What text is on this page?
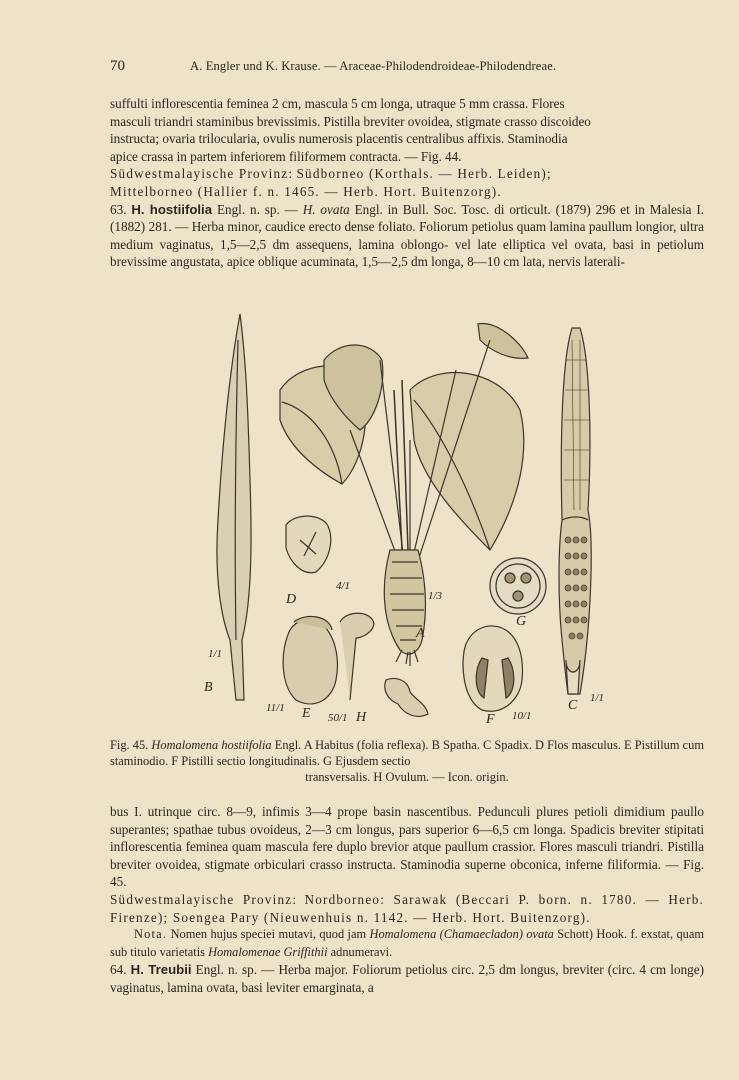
70	A. Engler und K. Krause. — Araceae-Philodendroideae-Philodendreae.

suffulti inflorescentia feminea 2 cm, mascula 5 cm longa, utraque 5 mm crassa. Flores

masculi triandri staminibus brevissimis. Pistilla breviter ovoidea, stigmate crasso discoideo

instructa; ovaria trilocularia, ovulis numerosis placentis centralibus affixis. Staminodia

apice crassa in partem inferiorem filiformem contracta. — Fig. 44.

Südwestmalayische Provinz: Südborneo (Korthals. — Herb. Leiden);

Mittelborneo (Hallier f. n. 1465. — Herb. Hort. Buitenzorg).

63. H. hostiifolia Engl. n. sp. — H. ovata Engl. in Bull. Soc. Tosc. di orticult. (1879) 296 et in Malesia I. (1882) 281. — Herba minor, caudice erecto dense foliato. Foliorum petiolus quam lamina paullum longior, ultra medium vaginatus, 1,5—2,5 dm assequens, lamina oblongo- vel late elliptica vel ovata, basi in petiolum brevissime angustata, apice oblique acuminata, 1,5—2,5 dm longa, 8—10 cm lata, nervis laterali-

B
1/1
D
4/1
1/3
A
G
11/1 E 50/1 H	F 10/1
C 1/1

Fig. 45. Homalomena hostiifolia Engl. A Habitus (folia reflexa). B Spatha. C Spadix. D Flos masculus. E Pistillum cum staminodio. F Pistilli sectio longitudinalis. G Ejusdem sectio

transversalis. H Ovulum. — Icon. origin.

bus I. utrinque circ. 8—9, infimis 3—4 prope basin nascentibus. Pedunculi plures petioli dimidium paullo superantes; spathae tubus ovoideus, 2—3 cm longus, pars superior 6—6,5 cm longa. Spadicis breviter stipitati inflorescentia feminea quam mascula fere duplo brevior atque paullum crassior. Flores masculi triandri. Pistilla breviter ovoidea, stigmate orbiculari crasso instructa. Staminodia superne obconica, inferne filiformia. — Fig. 45.

Südwestmalayische Provinz: Nordborneo: Sarawak (Beccari P. born. n. 1780. — Herb. Firenze); Soengea Pary (Nieuwenhuis n. 1142. — Herb. Hort. Buitenzorg).

Nota. Nomen hujus speciei mutavi, quod jam Homalomena (Chamaecladon) ovata Schott) Hook. f. exstat, quam sub titulo varietatis Homalomenae Griffithii adnumeravi.

64. H. Treubii Engl. n. sp. — Herba major. Foliorum petiolus circ. 2,5 dm longus, breviter (circ. 4 cm longe) vaginatus, lamina ovata, basi leviter emarginata, a
